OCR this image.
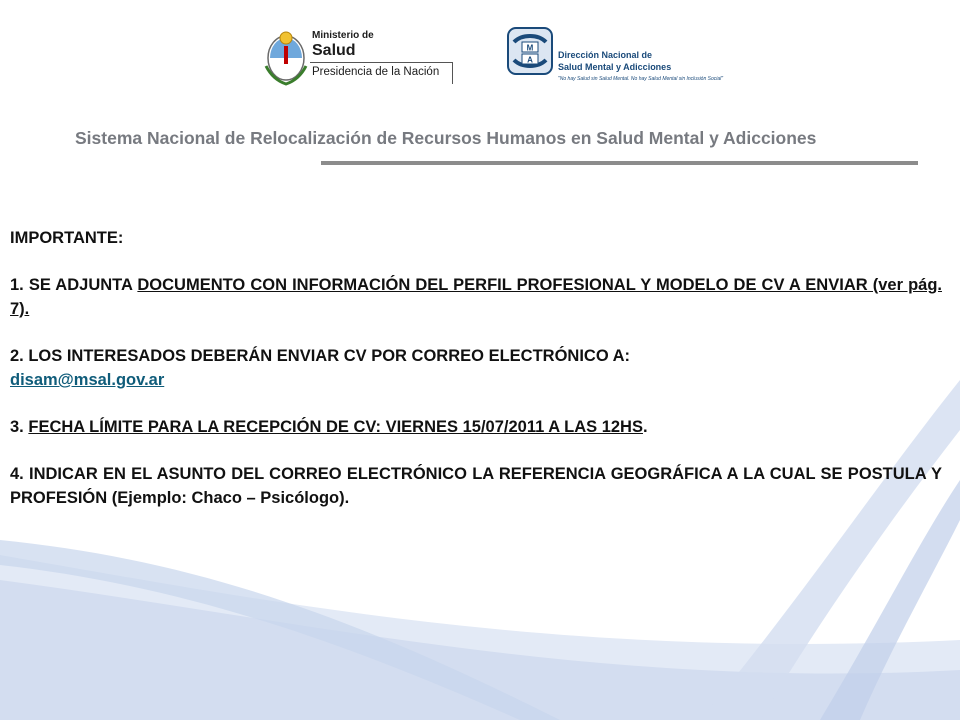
Ministerio de
Salud
Presidencia de la Nación
M
A	Dirección Nacional de
Salud Mental y Adicciones
"No hay Salud sin Salud Mental. No hay Salud Mental sin Inclusión Social"
Sistema Nacional de Relocalización de Recursos Humanos en Salud Mental y Adicciones

IMPORTANTE:

1. SE ADJUNTA DOCUMENTO CON INFORMACIÓN DEL PERFIL PROFESIONAL Y MODELO DE CV A ENVIAR (ver pág. 7).

2. LOS INTERESADOS DEBERÁN ENVIAR CV POR CORREO ELECTRÓNICO A:
disam@msal.gov.ar

3. FECHA LÍMITE PARA LA RECEPCIÓN DE CV: VIERNES 15/07/2011 A LAS 12HS.

4. INDICAR EN EL ASUNTO DEL CORREO ELECTRÓNICO LA REFERENCIA GEOGRÁFICA A LA CUAL SE POSTULA Y PROFESIÓN (Ejemplo: Chaco – Psicólogo).
